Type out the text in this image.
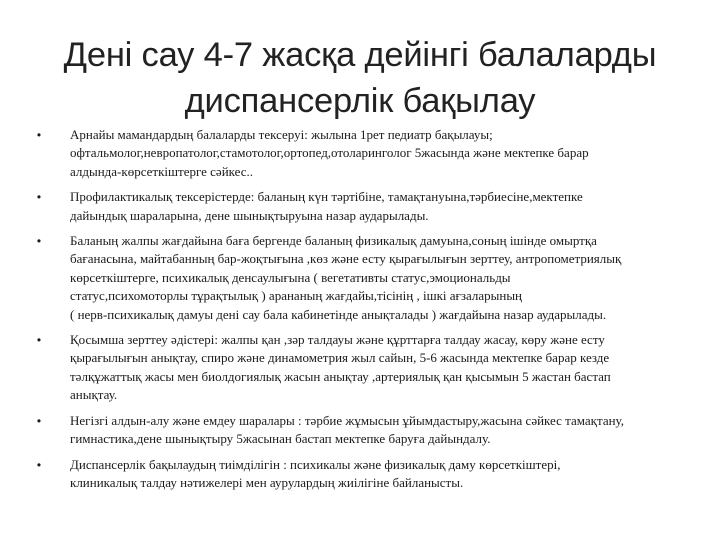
Дені сау 4-7 жасқа дейінгі балаларды
диспансерлік бақылау
•	Арнайы мамандардың балаларды тексеруі: жылына 1рет педиатр бақылауы;
офтальмолог,невропатолог,стамотолог,ортопед,отоларинголог 5жасында және мектепке барар
алдында-көрсеткіштерге сәйкес..
•	Профилактикалық тексерістерде: баланың күн тәртібіне, тамақтануына,тәрбиесіне,мектепке
дайындық шараларына, дене шынықтыруына назар аударылады.
•	Баланың жалпы жағдайына баға бергенде баланың физикалық дамуына,соның ішінде омыртқа
бағанасына, майтабанның бар-жоқтығына ,көз және есту қырағылығын зерттеу, антропометриялық
көрсеткіштерге, психикалық денсаулығына ( вегетативты статус,эмоциональды
статус,психомоторлы тұрақтылық ) арананың жағдайы,тісінің , ішкі ағзаларының
( нерв-психикалық дамуы дені сау бала кабинетінде анықталады ) жағдайына назар аударылады.
•	Қосымша зерттеу әдістері: жалпы қан ,зәр талдауы және құрттарға талдау жасау, көру және есту
қырағылығын анықтау, спиро және динамометрия жыл сайын, 5-6 жасында мектепке барар кезде
тәлқұжаттық жасы мен биолдогиялық жасын анықтау ,артериялық қан қысымын 5 жастан бастап
анықтау.
•	Негізгі алдын-алу және емдеу шаралары : тәрбие жұмысын ұйымдастыру,жасына сәйкес тамақтану,
гимнастика,дене шынықтыру 5жасынан бастап мектепке баруға дайындалу.
•	Диспансерлік бақылаудың тиімділігін : психикалы және физикалық даму көрсеткіштері,
клиникалық талдау нәтижелері мен аурулардың жиілігіне байланысты.
